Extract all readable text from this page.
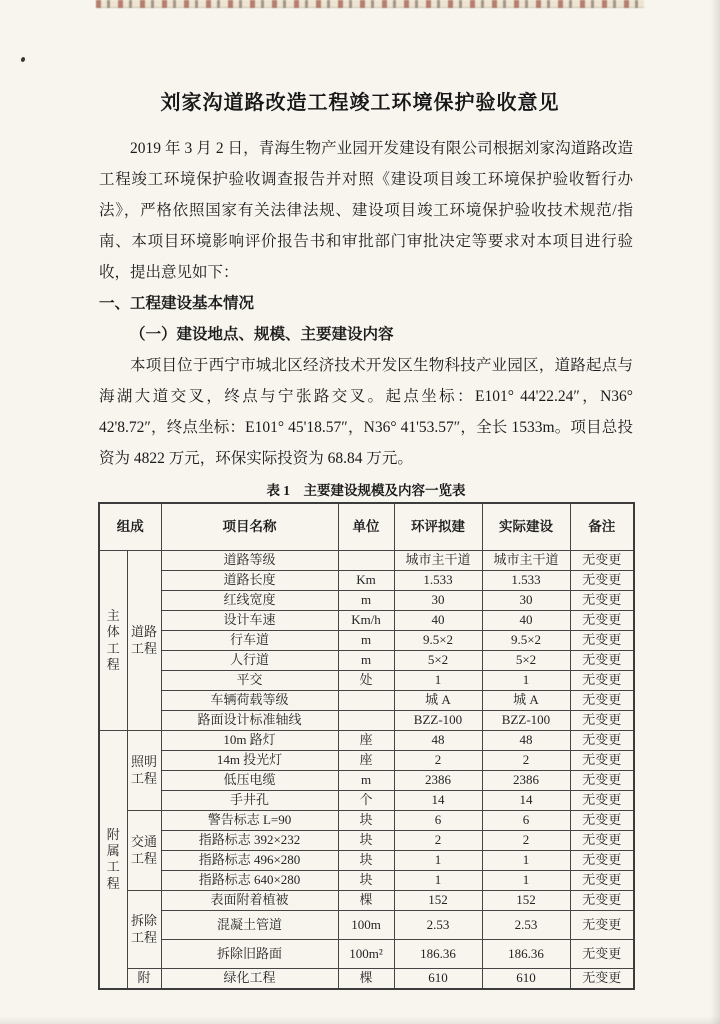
刘家沟道路改造工程竣工环境保护验收意见

2019 年 3 月 2 日，青海生物产业园开发建设有限公司根据刘家沟道路改造工程竣工环境保护验收调查报告并对照《建设项目竣工环境保护验收暂行办法》，严格依照国家有关法律法规、建设项目竣工环境保护验收技术规范/指南、本项目环境影响评价报告书和审批部门审批决定等要求对本项目进行验收，提出意见如下：

一、工程建设基本情况

（一）建设地点、规模、主要建设内容

本项目位于西宁市城北区经济技术开发区生物科技产业园区，道路起点与海湖大道交叉，终点与宁张路交叉。起点坐标：E101° 44'22.24″，N36° 42'8.72″，终点坐标：E101° 45'18.57″，N36° 41'53.57″，全长 1533m。项目总投资为 4822 万元，环保实际投资为 68.84 万元。

表 1　主要建设规模及内容一览表
组成		项目名称	单位	环评拟建	实际建设	备注
主体工程	道路工程	道路等级		城市主干道	城市主干道	无变更
		道路长度	Km	1.533	1.533	无变更
		红线宽度	m	30	30	无变更
		设计车速	Km/h	40	40	无变更
		行车道	m	9.5×2	9.5×2	无变更
		人行道	m	5×2	5×2	无变更
		平交	处	1	1	无变更
		车辆荷载等级		城 A	城 A	无变更
		路面设计标准轴线		BZZ-100	BZZ-100	无变更
附属工程	照明工程	10m 路灯	座	48	48	无变更
		14m 投光灯	座	2	2	无变更
		低压电缆	m	2386	2386	无变更
		手井孔	个	14	14	无变更
	交通工程	警告标志 L=90	块	6	6	无变更
		指路标志 392×232	块	2	2	无变更
		指路标志 496×280	块	1	1	无变更
		指路标志 640×280	块	1	1	无变更
	拆除工程	表面附着植被	棵	152	152	无变更
		混凝土管道	100m	2.53	2.53	无变更
		拆除旧路面	100m²	186.36	186.36	无变更
	附	绿化工程	棵	610	610	无变更
